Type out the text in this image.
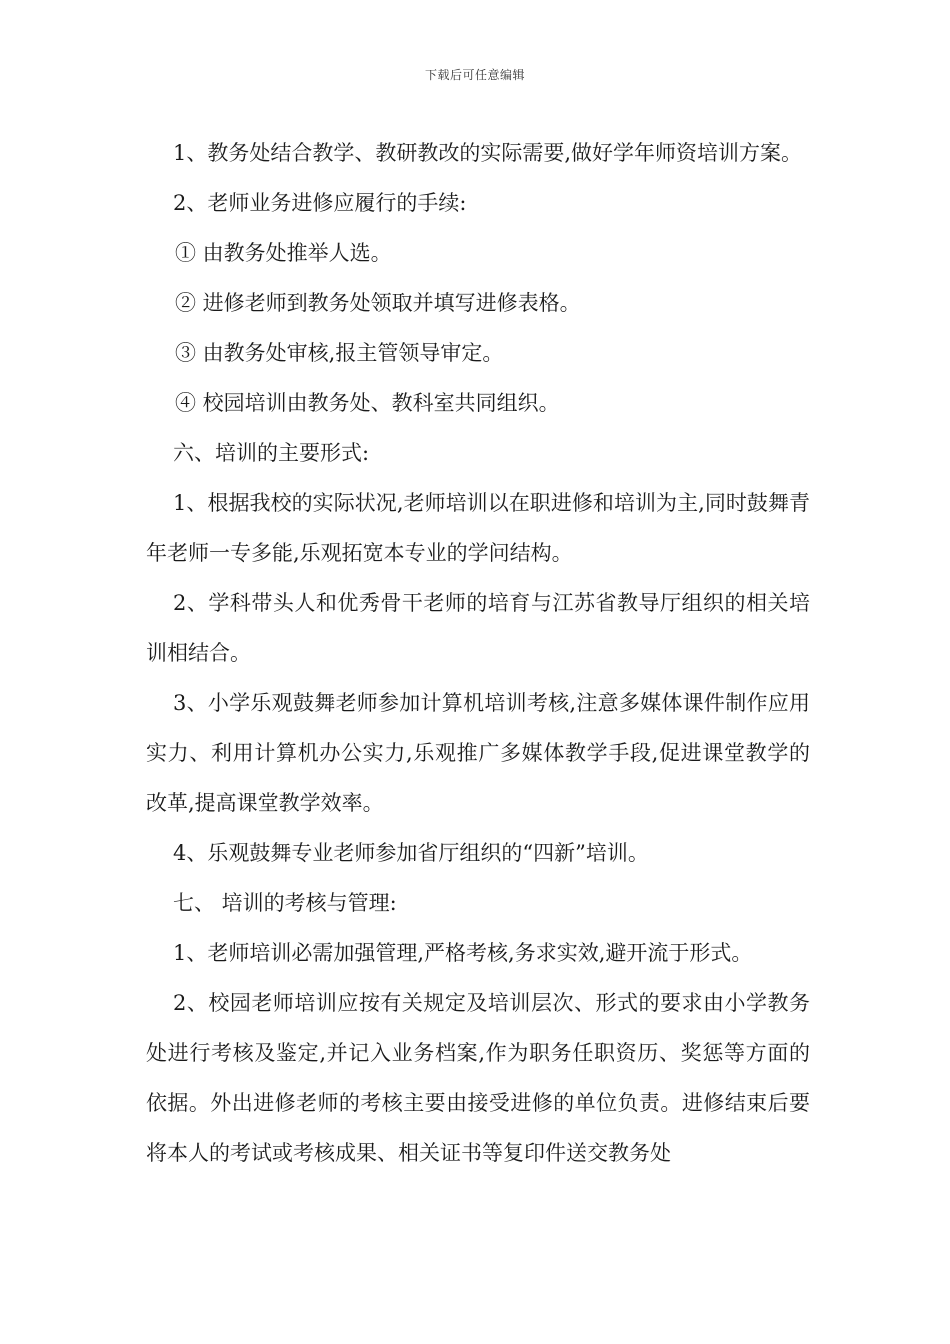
下载后可任意编辑

1、教务处结合教学、教研教改的实际需要,做好学年师资培训方案。

2、老师业务进修应履行的手续:

① 由教务处推举人选。

② 进修老师到教务处领取并填写进修表格。

③ 由教务处审核,报主管领导审定。

④ 校园培训由教务处、教科室共同组织。

六、培训的主要形式:

1、根据我校的实际状况,老师培训以在职进修和培训为主,同时鼓舞青年老师一专多能,乐观拓宽本专业的学问结构。

2、学科带头人和优秀骨干老师的培育与江苏省教导厅组织的相关培训相结合。

3、小学乐观鼓舞老师参加计算机培训考核,注意多媒体课件制作应用实力、利用计算机办公实力,乐观推广多媒体教学手段,促进课堂教学的改革,提高课堂教学效率。

4、乐观鼓舞专业老师参加省厅组织的“四新”培训。

七、 培训的考核与管理:

1、老师培训必需加强管理,严格考核,务求实效,避开流于形式。

2、校园老师培训应按有关规定及培训层次、形式的要求由小学教务处进行考核及鉴定,并记入业务档案,作为职务任职资历、奖惩等方面的依据。外出进修老师的考核主要由接受进修的单位负责。进修结束后要将本人的考试或考核成果、相关证书等复印件送交教务处
